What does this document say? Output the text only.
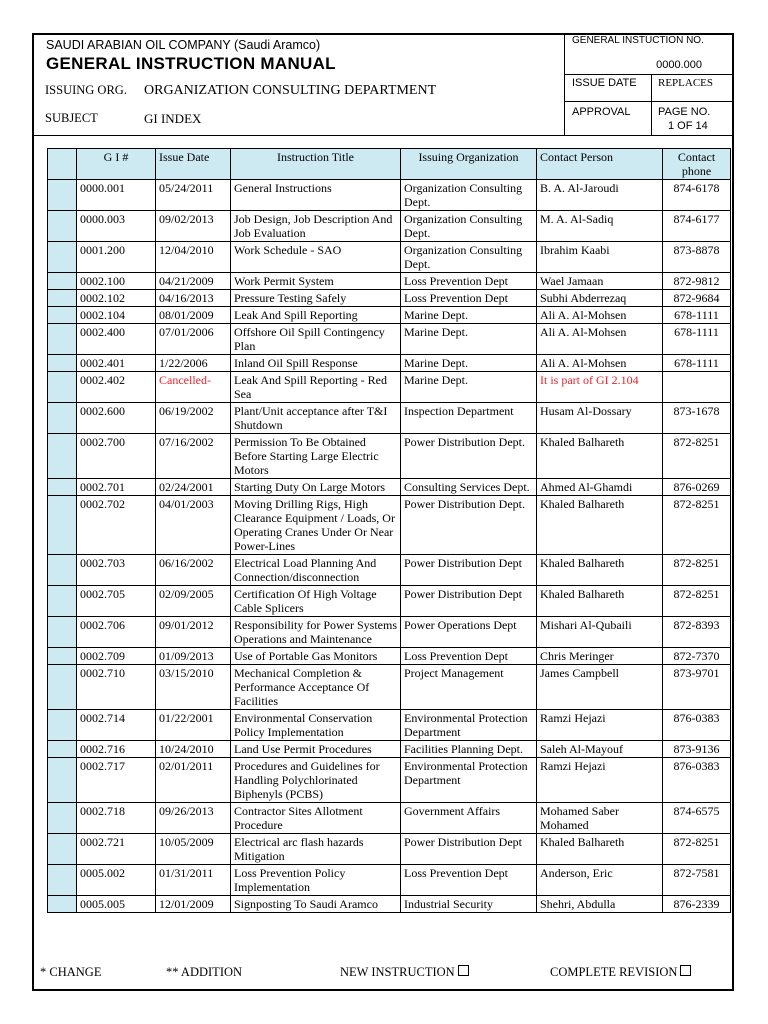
SAUDI ARABIAN OIL COMPANY (Saudi Aramco)
GENERAL INSTRUCTION MANUAL
ISSUING ORG. ORGANIZATION CONSULTING DEPARTMENT
SUBJECT	GI INDEX
GENERAL INSTUCTION NO.
0000.000
ISSUE DATE REPLACES
APPROVAL	PAGE NO.
1 OF 14
	G I #	Issue Date	Instruction Title	Issuing Organization	Contact Person	Contact phone
	0000.001	05/24/2011	General Instructions	Organization Consulting Dept.	B. A. Al-Jaroudi	874-6178
	0000.003	09/02/2013	Job Design, Job Description And Job Evaluation	Organization Consulting Dept.	M. A. Al-Sadiq	874-6177
	0001.200	12/04/2010	Work Schedule - SAO	Organization Consulting Dept.	Ibrahim Kaabi	873-8878
	0002.100	04/21/2009	Work Permit System	Loss Prevention Dept	Wael Jamaan	872-9812
	0002.102	04/16/2013	Pressure Testing Safely	Loss Prevention Dept	Subhi Abderrezaq	872-9684
	0002.104	08/01/2009	Leak And Spill Reporting	Marine Dept.	Ali A. Al-Mohsen	678-1111
	0002.400	07/01/2006	Offshore Oil Spill Contingency Plan	Marine Dept.	Ali A. Al-Mohsen	678-1111
	0002.401	1/22/2006	Inland Oil Spill Response	Marine Dept.	Ali A. Al-Mohsen	678-1111
	0002.402	Cancelled-	Leak And Spill Reporting - Red Sea	Marine Dept.	It is part of GI 2.104	
	0002.600	06/19/2002	Plant/Unit acceptance after T&I Shutdown	Inspection Department	Husam Al-Dossary	873-1678
	0002.700	07/16/2002	Permission To Be Obtained Before Starting Large Electric Motors	Power Distribution Dept.	Khaled Balhareth	872-8251
	0002.701	02/24/2001	Starting Duty On Large Motors	Consulting Services Dept.	Ahmed Al-Ghamdi	876-0269
	0002.702	04/01/2003	Moving Drilling Rigs, High Clearance Equipment / Loads, Or Operating Cranes Under Or Near Power-Lines	Power Distribution Dept.	Khaled Balhareth	872-8251
	0002.703	06/16/2002	Electrical Load Planning And Connection/disconnection	Power Distribution Dept	Khaled Balhareth	872-8251
	0002.705	02/09/2005	Certification Of High Voltage Cable Splicers	Power Distribution Dept	Khaled Balhareth	872-8251
	0002.706	09/01/2012	Responsibility for Power Systems Operations and Maintenance	Power Operations Dept	Mishari Al-Qubaili	872-8393
	0002.709	01/09/2013	Use of Portable Gas Monitors	Loss Prevention Dept	Chris Meringer	872-7370
	0002.710	03/15/2010	Mechanical Completion & Performance Acceptance Of Facilities	Project Management	James Campbell	873-9701
	0002.714	01/22/2001	Environmental Conservation Policy Implementation	Environmental Protection Department	Ramzi Hejazi	876-0383
	0002.716	10/24/2010	Land Use Permit Procedures	Facilities Planning Dept.	Saleh Al-Mayouf	873-9136
	0002.717	02/01/2011	Procedures and Guidelines for Handling Polychlorinated Biphenyls (PCBS)	Environmental Protection Department	Ramzi Hejazi	876-0383
	0002.718	09/26/2013	Contractor Sites Allotment Procedure	Government Affairs	Mohamed Saber Mohamed	874-6575
	0002.721	10/05/2009	Electrical arc flash hazards Mitigation	Power Distribution Dept	Khaled Balhareth	872-8251
	0005.002	01/31/2011	Loss Prevention Policy Implementation	Loss Prevention Dept	Anderson, Eric	872-7581
	0005.005	12/01/2009	Signposting To Saudi Aramco	Industrial Security	Shehri, Abdulla	876-2339
* CHANGE	** ADDITION	NEW INSTRUCTION	COMPLETE REVISION
